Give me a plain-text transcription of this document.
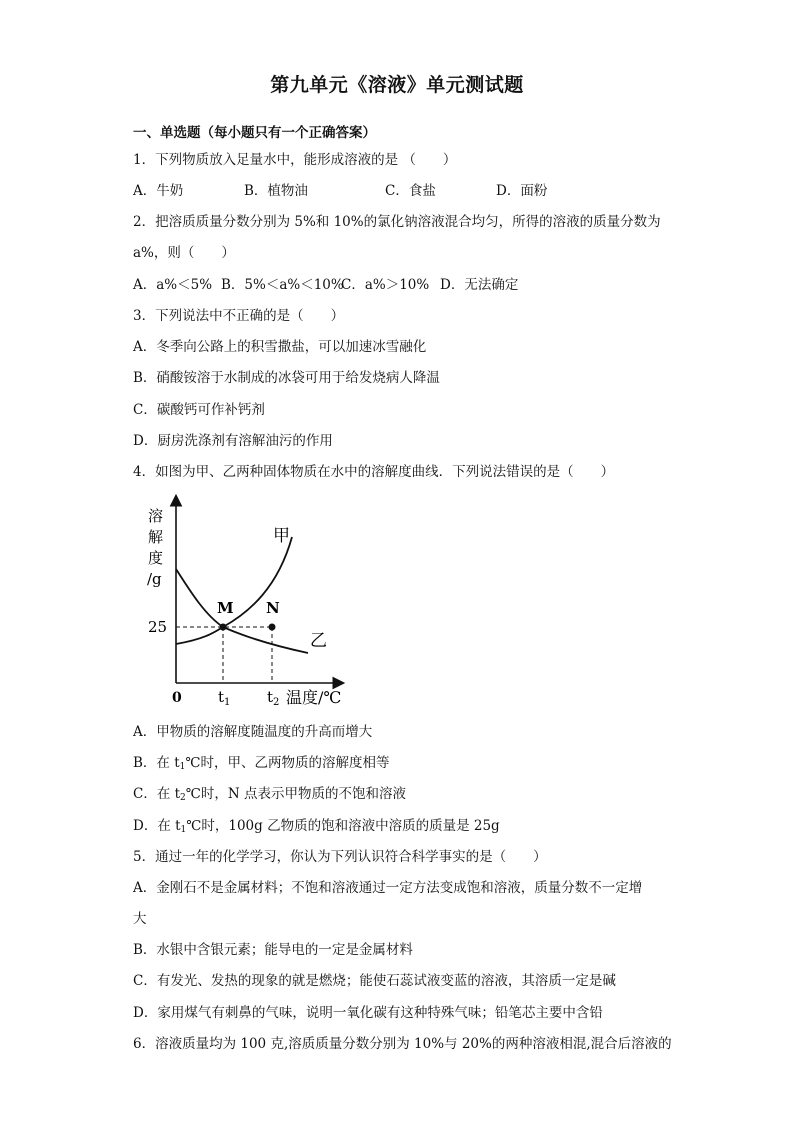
第九单元《溶液》单元测试题
一、单选题（每小题只有一个正确答案）
1．下列物质放入足量水中，能形成溶液的是 （　　）
A．牛奶	B．植物油	C．食盐	D．面粉
2．把溶质质量分数分别为 5%和 10%的氯化钠溶液混合均匀，所得的溶液的质量分数为
a%，则（　　）
A．a%＜5% B．5%＜a%＜10%
C．a%＞10% D．无法确定
3．下列说法中不正确的是（　　）
A．冬季向公路上的积雪撒盐，可以加速冰雪融化
B．硝酸铵溶于水制成的冰袋可用于给发烧病人降温
C．碳酸钙可作补钙剂
D．厨房洗涤剂有溶解油污的作用
4．如图为甲、乙两种固体物质在水中的溶解度曲线．下列说法错误的是（　　）
溶
解
度
/g
M N
甲
乙
25
0 $t_1$ $t_2$ 温度/℃
A．甲物质的溶解度随温度的升高而增大
B．在 $t_1℃$时，甲、乙两物质的溶解度相等
C．在 $t_2℃$时，N 点表示甲物质的不饱和溶液
D．在 $t_1℃$时，100g 乙物质的饱和溶液中溶质的质量是 25g
5．通过一年的化学学习，你认为下列认识符合科学事实的是（　　）
A．金刚石不是金属材料；不饱和溶液通过一定方法变成饱和溶液，质量分数不一定增
大
B．水银中含银元素；能导电的一定是金属材料
C．有发光、发热的现象的就是燃烧；能使石蕊试液变蓝的溶液，其溶质一定是碱
D．家用煤气有刺鼻的气味，说明一氧化碳有这种特殊气味；铅笔芯主要中含铅
6．溶液质量均为 100 克,溶质质量分数分别为 10%与 20%的两种溶液相混,混合后溶液的
